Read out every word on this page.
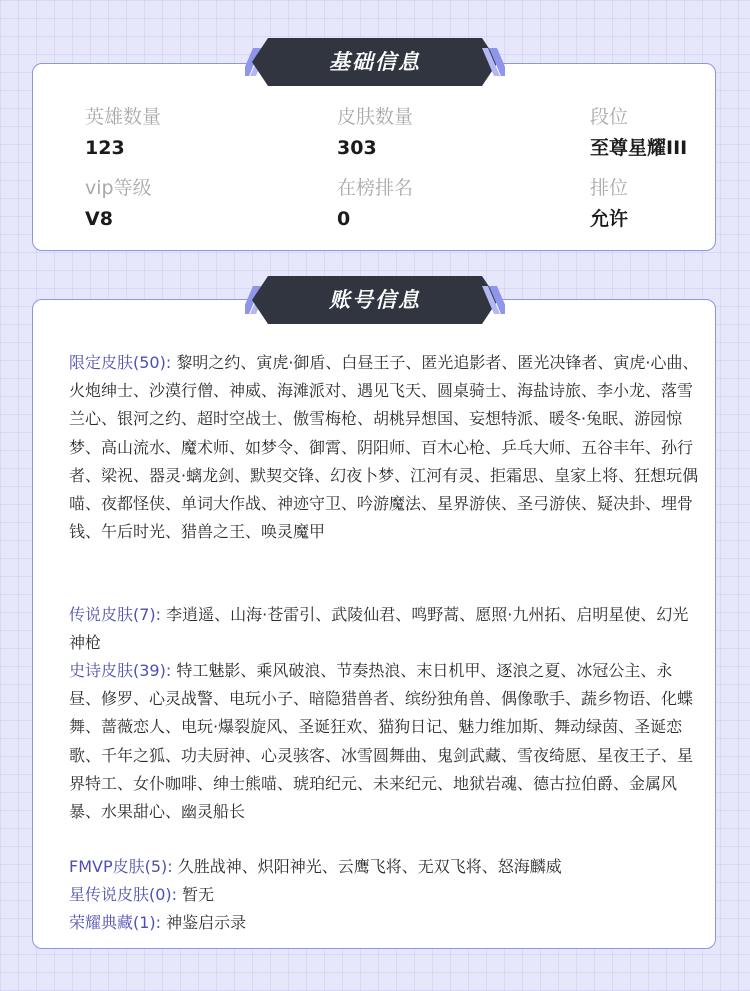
英雄数量
123
皮肤数量
303
段位
至尊星耀III
vip等级
V8
在榜排名
0
排位
允许
基础信息
限定皮肤(50): 黎明之约、寅虎·御盾、白昼王子、匿光追影者、匿光决锋者、寅虎·心曲、火炮绅士、沙漠行僧、神威、海滩派对、遇见飞天、圆桌骑士、海盐诗旅、李小龙、落雪兰心、银河之约、超时空战士、傲雪梅枪、胡桃异想国、妄想特派、暖冬·兔眠、游园惊梦、高山流水、魔术师、如梦令、御霄、阴阳师、百木心枪、乒乓大师、五谷丰年、孙行者、梁祝、器灵·螭龙剑、默契交锋、幻夜卜梦、江河有灵、拒霜思、皇家上将、狂想玩偶喵、夜都怪侠、单词大作战、神迹守卫、吟游魔法、星界游侠、圣弓游侠、疑决卦、埋骨钱、午后时光、猎兽之王、唤灵魔甲
传说皮肤(7): 李逍遥、山海·苍雷引、武陵仙君、鸣野蒿、愿照·九州拓、启明星使、幻光神枪
史诗皮肤(39): 特工魅影、乘风破浪、节奏热浪、末日机甲、逐浪之夏、冰冠公主、永昼、修罗、心灵战警、电玩小子、暗隐猎兽者、缤纷独角兽、偶像歌手、蔬乡物语、化蝶舞、蔷薇恋人、电玩·爆裂旋风、圣诞狂欢、猫狗日记、魅力维加斯、舞动绿茵、圣诞恋歌、千年之狐、功夫厨神、心灵骇客、冰雪圆舞曲、鬼剑武藏、雪夜绮愿、星夜王子、星界特工、女仆咖啡、绅士熊喵、琥珀纪元、未来纪元、地狱岩魂、德古拉伯爵、金属风暴、水果甜心、幽灵船长
FMVP皮肤(5): 久胜战神、炽阳神光、云鹰飞将、无双飞将、怒海麟威
星传说皮肤(0): 暂无
荣耀典藏(1): 神鉴启示录
账号信息
